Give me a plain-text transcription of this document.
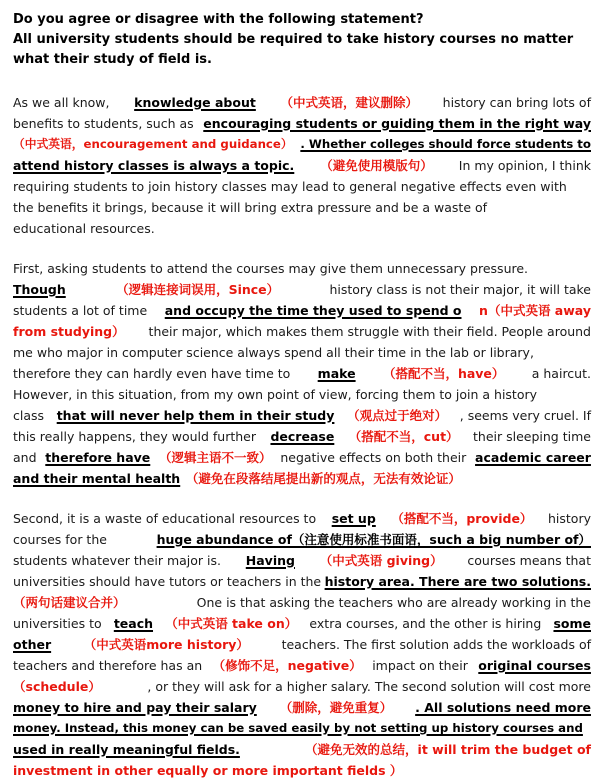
Do you agree or disagree with the following statement?
All university students should be required to take history courses no matter what their study of field is.
As we all know, knowledge about （中式英语，建议删除） history can bring lots of
benefits to students, such as encouraging students or guiding them in the right way
（中式英语，encouragement and guidance） . Whether colleges should force students to
attend history classes is always a topic. （避免使用模版句） In my opinion, I think
requiring students to join history classes may lead to general negative effects even with
the benefits it brings, because it will bring extra pressure and be a waste of
educational resources.
First, asking students to attend the courses may give them unnecessary pressure.
Though	（逻辑连接词误用，Since）	history class is not their major, it will take
students a lot of time and occupy the time they used to spend o n（中式英语 away
from studying） their major, which makes them struggle with their field. People around
me who major in computer science always spend all their time in the lab or library,
therefore they can hardly even have time to make （搭配不当，have） a haircut.
However, in this situation, from my own point of view, forcing them to join a history
class that will never help them in their study （观点过于绝对） , seems very cruel. If
this really happens, they would further decrease （搭配不当，cut） their sleeping time
and therefore have （逻辑主语不一致） negative effects on both their academic career
and their mental health （避免在段落结尾提出新的观点，无法有效论证）
Second, it is a waste of educational resources to set up （搭配不当，provide） history
courses for the	huge abundance of（注意使用标准书面语，such a big number of）
students whatever their major is. Having （中式英语 giving） courses means that
universities should have tutors or teachers in the history area. There are two solutions.
（两句话建议合并）	One is that asking the teachers who are already working in the
universities to teach （中式英语 take on） extra courses, and the other is hiring some
other	（中式英语more history）	teachers. The first solution adds the workloads of
teachers and therefore has an （修饰不足，negative） impact on their original courses
（schedule）	, or they will ask for a higher salary. The second solution will cost more
money to hire and pay their salary （删除，避免重复） . All solutions need more
money. Instead, this money can be saved easily by not setting up history courses and
used in really meaningful fields.	（避免无效的总结，it will trim the budget of
investment in other equally or more important fields ）
